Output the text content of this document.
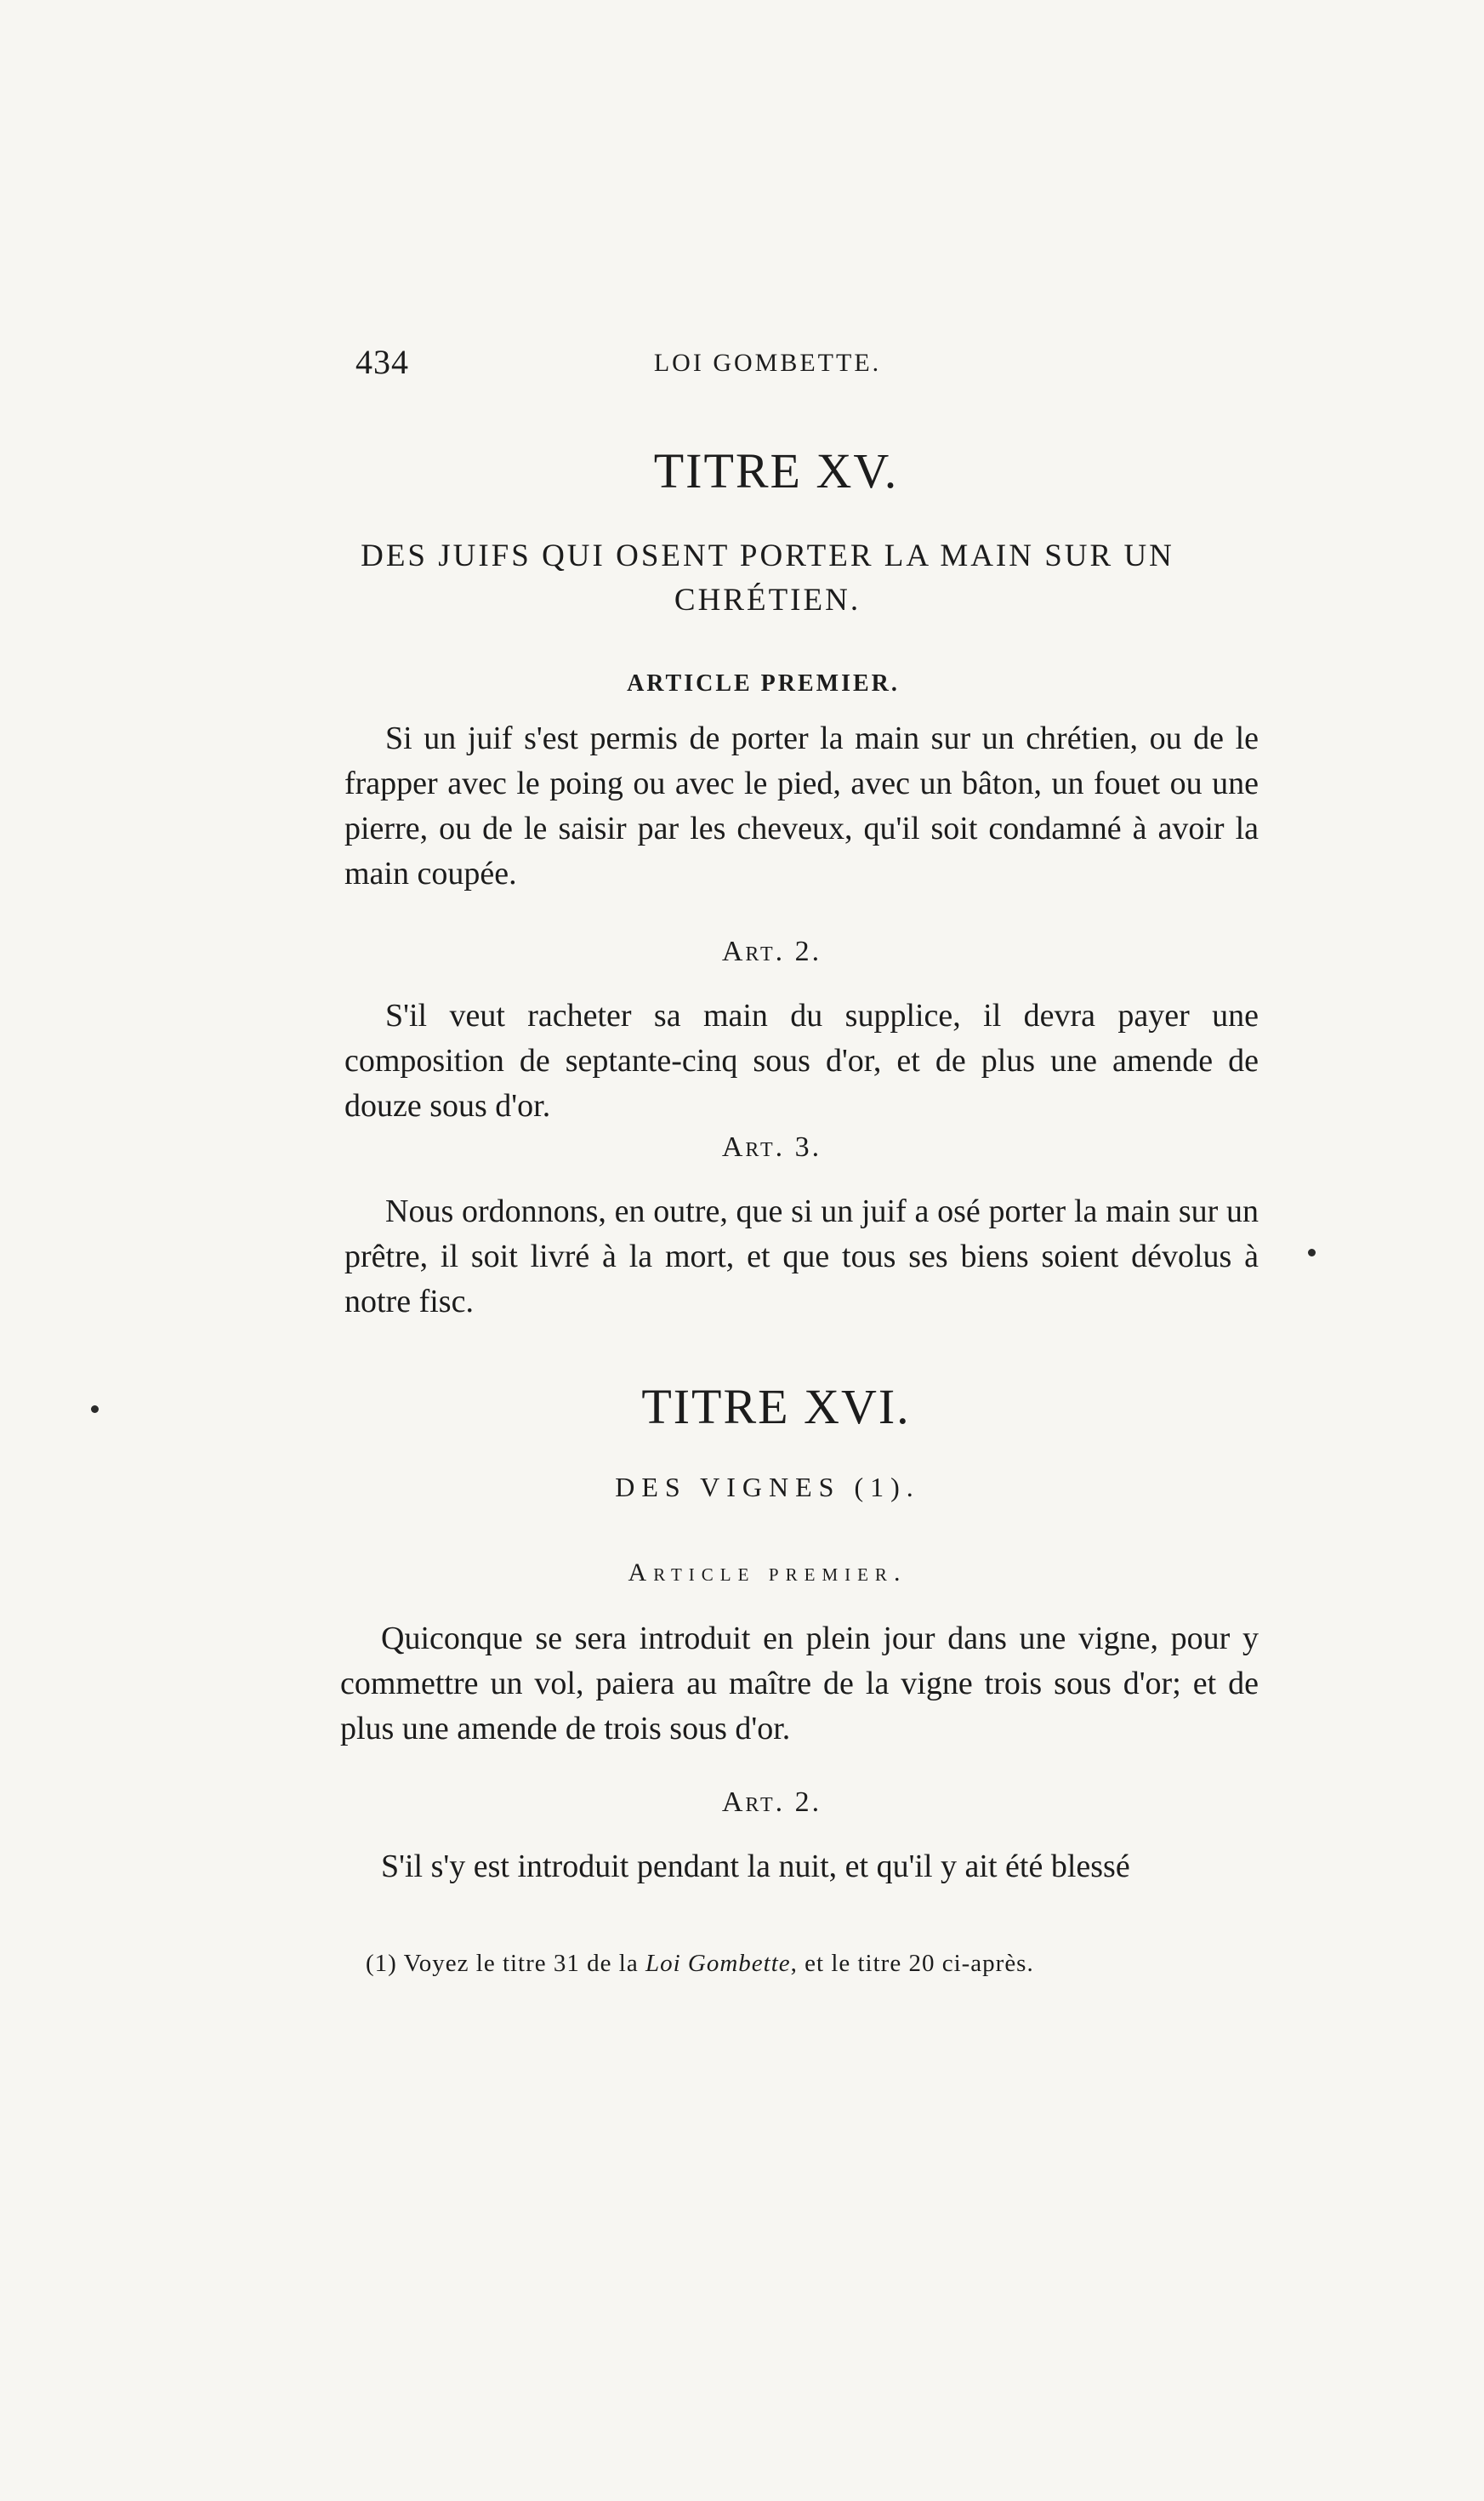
434	LOI GOMBETTE.
TITRE XV.
DES JUIFS QUI OSENT PORTER LA MAIN SUR UN
CHRÉTIEN.
ARTICLE PREMIER.
Si un juif s'est permis de porter la main sur un chrétien, ou de le frapper avec le poing ou avec le pied, avec un bâton, un fouet ou une pierre, ou de le saisir par les cheveux, qu'il soit condamné à avoir la main coupée.
Art. 2.
S'il veut racheter sa main du supplice, il devra payer une composition de septante-cinq sous d'or, et de plus une amende de douze sous d'or.
Art. 3.
Nous ordonnons, en outre, que si un juif a osé porter la main sur un prêtre, il soit livré à la mort, et que tous ses biens soient dévolus à notre fisc.
TITRE XVI.
DES VIGNES (1).
Article premier.
Quiconque se sera introduit en plein jour dans une vigne, pour y commettre un vol, paiera au maître de la vigne trois sous d'or; et de plus une amende de trois sous d'or.
Art. 2.
S'il s'y est introduit pendant la nuit, et qu'il y ait été blessé
(1) Voyez le titre 31 de la Loi Gombette, et le titre 20 ci-après.
